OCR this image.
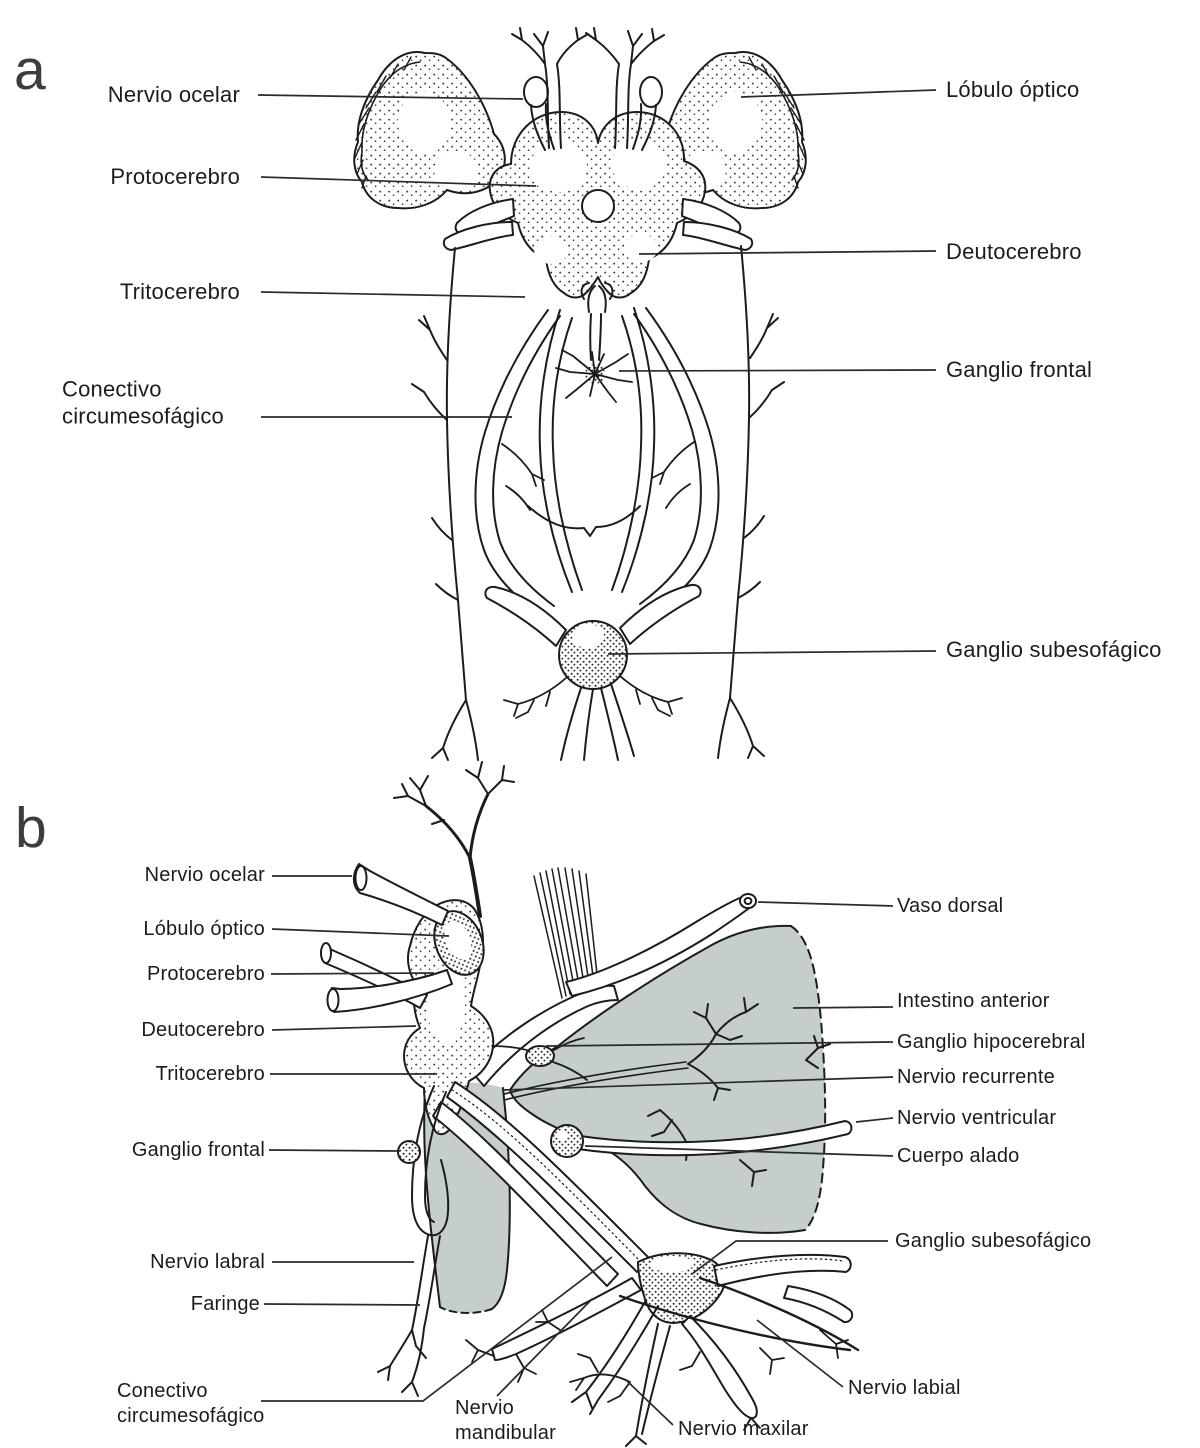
a
b
Nervio ocelar
Protocerebro
Tritocerebro
Conectivo circumesofágico
Lóbulo óptico
Deutocerebro
Ganglio frontal
Ganglio subesofágico
Nervio ocelar
Lóbulo óptico
Protocerebro
Deutocerebro
Tritocerebro
Ganglio frontal
Nervio labral
Faringe
Conectivo circumesofágico
Vaso dorsal
Intestino anterior
Ganglio hipocerebral
Nervio recurrente
Nervio ventricular
Cuerpo alado
Ganglio subesofágico
Nervio mandibular	Nervio maxilar
Nervio labial
